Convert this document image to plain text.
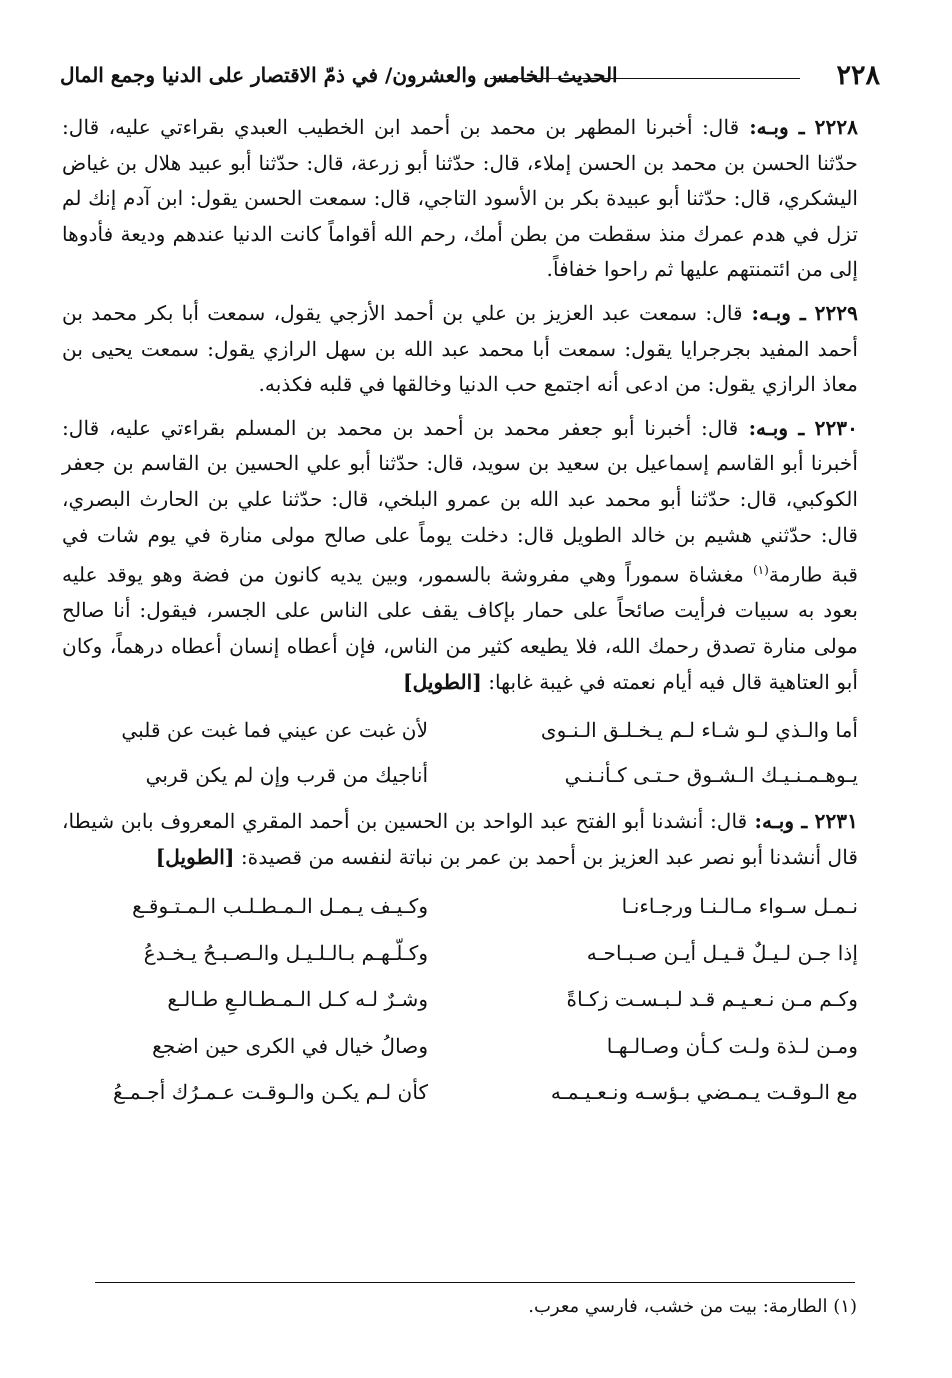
٢٢٨
الحديث الخامس والعشرون/ في ذمّ الاقتصار على الدنيا وجمع المال

٢٢٢٨ ـ وبـه: قال: أخبرنا المطهر بن محمد بن أحمد ابن الخطيب العبدي بقراءتي عليه، قال: حدّثنا الحسن بن محمد بن الحسن إملاء، قال: حدّثنا أبو زرعة، قال: حدّثنا أبو عبيد هلال بن غياض اليشكري، قال: حدّثنا أبو عبيدة بكر بن الأسود التاجي، قال: سمعت الحسن يقول: ابن آدم إنك لم تزل في هدم عمرك منذ سقطت من بطن أمك، رحم الله أقواماً كانت الدنيا عندهم وديعة فأدوها إلى من ائتمنتهم عليها ثم راحوا خفافاً.

٢٢٢٩ ـ وبـه: قال: سمعت عبد العزيز بن علي بن أحمد الأزجي يقول، سمعت أبا بكر محمد بن أحمد المفيد بجرجرايا يقول: سمعت أبا محمد عبد الله بن سهل الرازي يقول: سمعت يحيى بن معاذ الرازي يقول: من ادعى أنه اجتمع حب الدنيا وخالقها في قلبه فكذبه.

٢٢٣٠ ـ وبـه: قال: أخبرنا أبو جعفر محمد بن أحمد بن محمد بن المسلم بقراءتي عليه، قال: أخبرنا أبو القاسم إسماعيل بن سعيد بن سويد، قال: حدّثنا أبو علي الحسين بن القاسم بن جعفر الكوكبي، قال: حدّثنا أبو محمد عبد الله بن عمرو البلخي، قال: حدّثنا علي بن الحارث البصري، قال: حدّثني هشيم بن خالد الطويل قال: دخلت يوماً على صالح مولى منارة في يوم شات في قبة طارمة$^{(١)}$ مغشاة سموراً وهي مفروشة بالسمور، وبين يديه كانون من فضة وهو يوقد عليه بعود به سبيات فرأيت صائحاً على حمار بإكاف يقف على الناس على الجسر، فيقول: أنا صالح مولى منارة تصدق رحمك الله، فلا يطيعه كثير من الناس، فإن أعطاه إنسان أعطاه درهماً، وكان أبو العتاهية قال فيه أيام نعمته في غيبة غابها: [الطويل]

أما والـذي لـو شـاء لـم يـخـلـق الـنـوى
لأن غبت عن عيني فما غبت عن قلبي
يـوهـمـنـيـك الـشـوق حـتـى كـأنـنـي
أناجيك من قرب وإن لم يكن قربي

٢٢٣١ ـ وبـه: قال: أنشدنا أبو الفتح عبد الواحد بن الحسين بن أحمد المقري المعروف بابن شيطا، قال أنشدنا أبو نصر عبد العزيز بن أحمد بن عمر بن نباتة لنفسه من قصيدة: [الطويل]

نـمـل سـواء مـالـنـا ورجـاءنـا
وكـيـف يـمـل الـمـطـلـب الـمـتـوقـع
إذا جـن لـيـلٌ قـيـل أيـن صـبـاحـه
وكـلّـهـم بـالـلـيـل والـصـبـحُ يـخـدعُ
وكـم مـن نـعـيـم قـد لـبـسـت زكـاةً
وشـرٌ لـه كـل الـمـطـالـعِ طـالـع
ومـن لـذة ولـت كـأن وصـالـهـا
وصالُ خيال في الكرى حين اضجع
مع الـوقـت يـمـضي بـؤسـه ونـعـيـمـه
كأن لـم يكـن والـوقـت عـمـرُك أجـمـعُ
(١) الطارمة: بيت من خشب، فارسي معرب.
